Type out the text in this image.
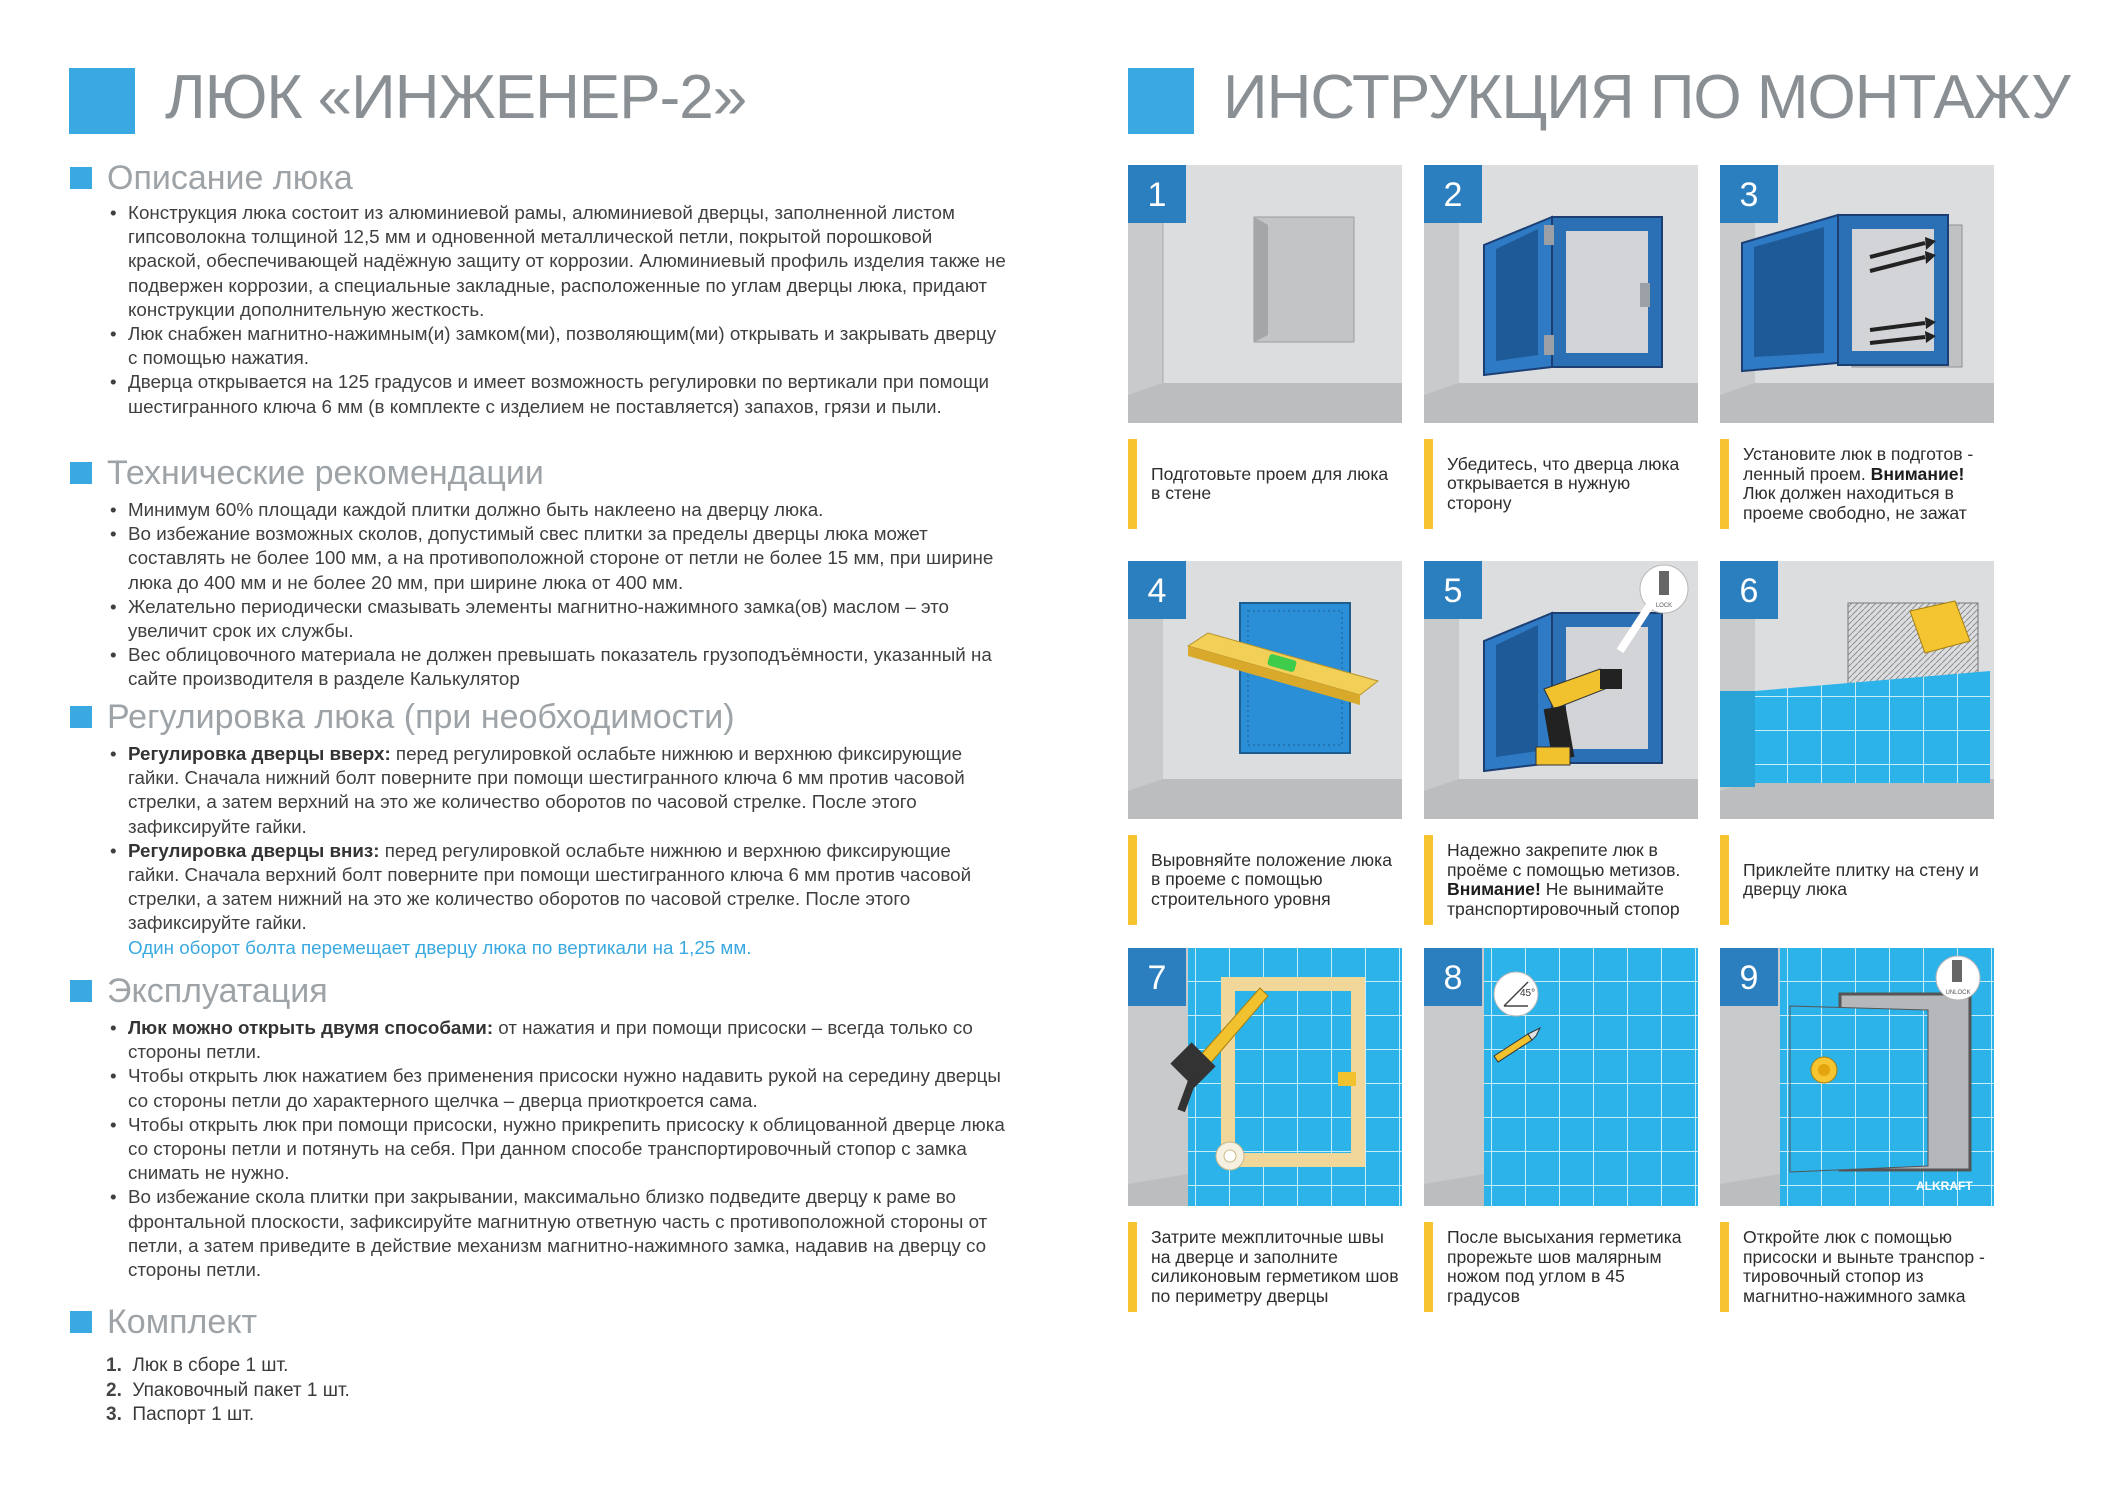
ЛЮК «ИНЖЕНЕР-2»
Описание люка
• Конструкция люка состоит из алюминиевой рамы, алюминиевой дверцы, заполненной листом гипсоволокна толщиной 12,5 мм и одновенной металлической петли, покрытой порошковой краской, обеспечивающей надёжную защиту от коррозии. Алюминиевый профиль изделия также не подвержен коррозии, а специальные закладные, расположенные по углам дверцы люка, придают конструкции дополнительную жесткость.
• Люк снабжен магнитно-нажимным(и) замком(ми), позволяющим(ми) открывать и закрывать дверцу с помощью нажатия.
• Дверца открывается на 125 градусов и имеет возможность регулировки по вертикали при помощи шестигранного ключа 6 мм (в комплекте с изделием не поставляется) запахов, грязи и пыли.
Технические рекомендации
• Минимум 60% площади каждой плитки должно быть наклеено на дверцу люка.
• Во избежание возможных сколов, допустимый свес плитки за пределы дверцы люка может составлять не более 100 мм, а на противоположной стороне от петли не более 15 мм, при ширине люка до 400 мм и не более 20 мм, при ширине люка от 400 мм.
• Желательно периодически смазывать элементы магнитно-нажимного замка(ов) маслом – это увеличит срок их службы.
• Вес облицовочного материала не должен превышать показатель грузоподъёмности, указанный на сайте производителя в разделе Калькулятор
Регулировка люка (при необходимости)
• Регулировка дверцы вверх: перед регулировкой ослабьте нижнюю и верхнюю фиксирующие гайки. Сначала нижний болт поверните при помощи шестигранного ключа 6 мм против часовой стрелки, а затем верхний на это же количество оборотов по часовой стрелке. После этого зафиксируйте гайки.
• Регулировка дверцы вниз: перед регулировкой ослабьте нижнюю и верхнюю фиксирующие гайки. Сначала верхний болт поверните при помощи шестигранного ключа 6 мм против часовой стрелки, а затем нижний на это же количество оборотов по часовой стрелке. После этого зафиксируйте гайки.
Один оборот болта перемещает дверцу люка по вертикали на 1,25 мм.
Эксплуатация
• Люк можно открыть двумя способами: от нажатия и при помощи присоски – всегда только со стороны петли.
• Чтобы открыть люк нажатием без применения присоски нужно надавить рукой на середину дверцы со стороны петли до характерного щелчка – дверца приоткроется сама.
• Чтобы открыть люк при помощи присоски, нужно прикрепить присоску к облицованной дверце люка со стороны петли и потянуть на себя. При данном способе транспортировочный стопор с замка снимать не нужно.
• Во избежание скола плитки при закрывании, максимально близко подведите дверцу к раме во фронтальной плоскости, зафиксируйте магнитную ответную часть с противоположной стороны от петли, а затем приведите в действие механизм магнитно-нажимного замка, надавив на дверцу со стороны петли.
Комплект
1. Люк в сборе 1 шт.
2. Упаковочный пакет 1 шт.
3. Паспорт 1 шт.
ИНСТРУКЦИЯ ПО МОНТАЖУ
1
Подготовьте проем для люка в стене
2
Убедитесь, что дверца люка открывается в нужную сторону
3
Установите люк в подготов - ленный проем. Внимание! Люк должен находиться в проеме свободно, не зажат
4
Выровняйте положение люка в проеме с помощью строительного уровня
LOCK
5
Надежно закрепите люк в проёме с помощью метизов. Внимание! Не вынимайте транспортировочный стопор
6
Приклейте плитку на стену и дверцу люка
7
Затрите межплиточные швы на дверце и заполните силиконовым герметиком шов по периметру дверцы
45°
8
После высыхания герметика прорежьте шов малярным ножом под углом в 45 градусов
UNLOCK
ALKRAFT
9
Откройте люк с помощью присоски и выньте транспор - тировочный стопор из магнитно-нажимного замка
